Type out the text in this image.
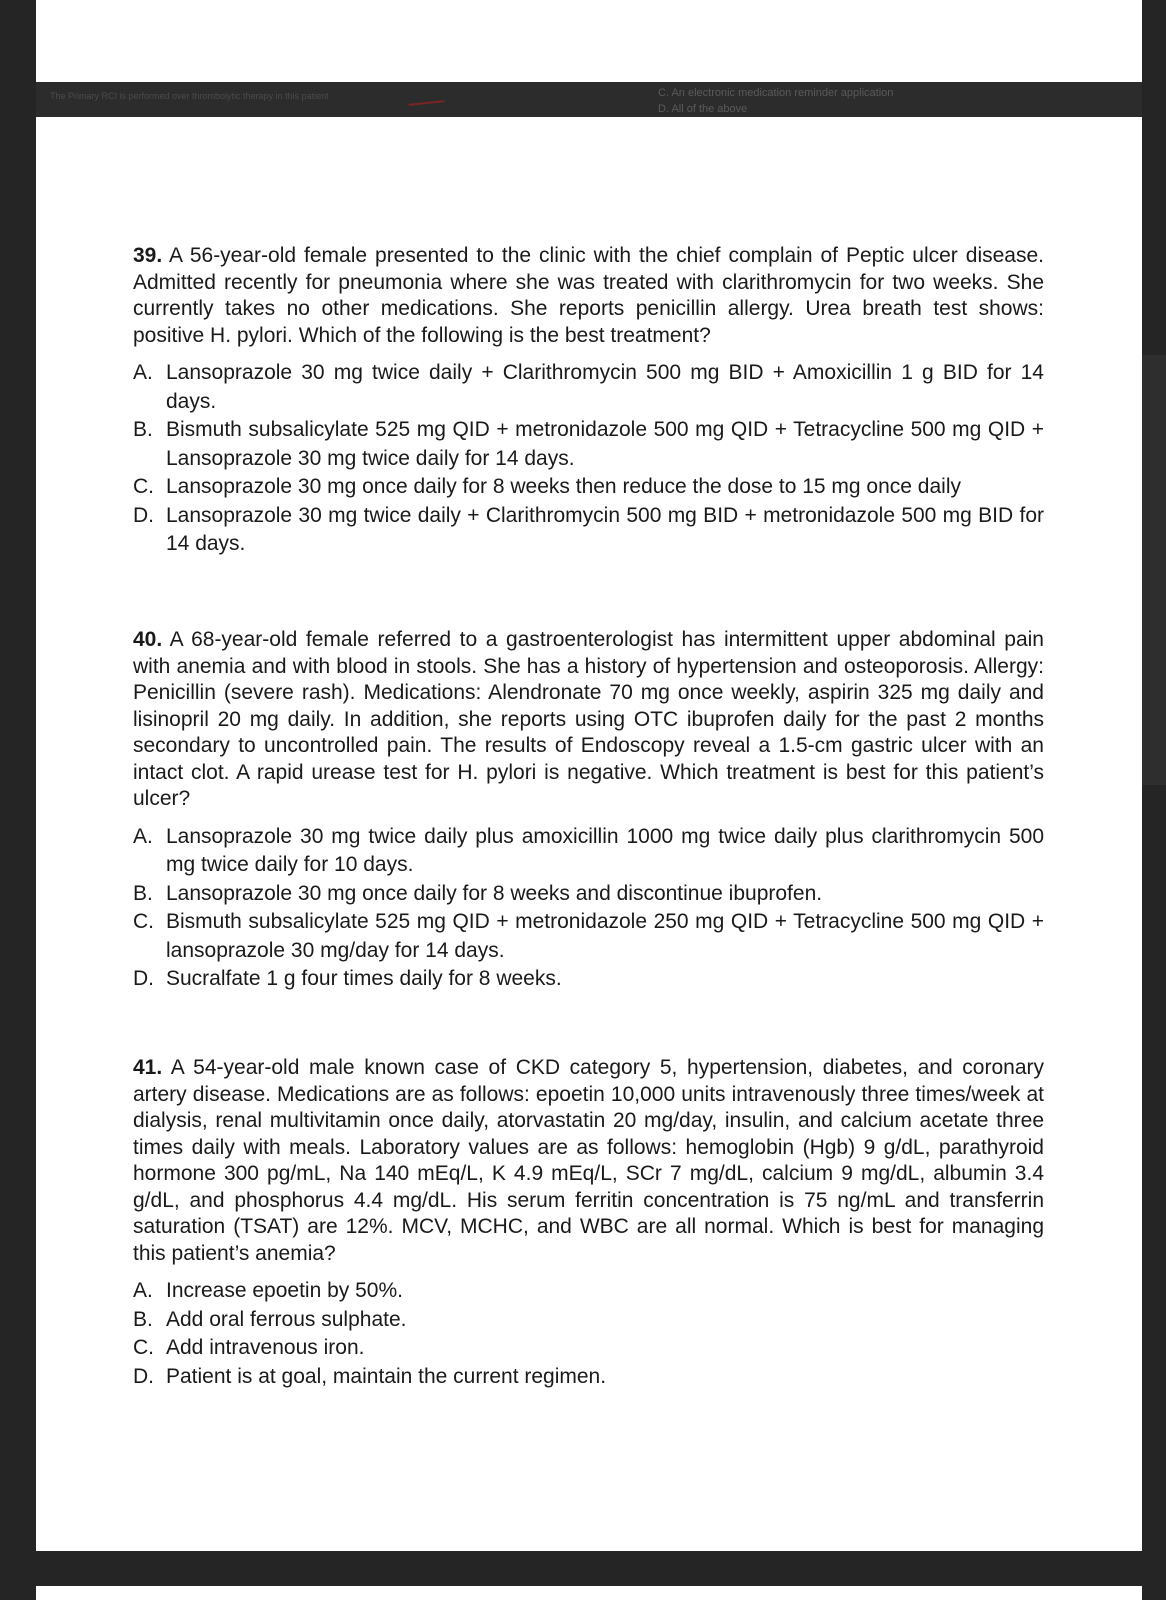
The Primary RCI is performed over thrombolytic therapy in this patient	C. An electronic medication reminder application
D. All of the above

39. A 56-year-old female presented to the clinic with the chief complain of Peptic ulcer disease. Admitted recently for pneumonia where she was treated with clarithromycin for two weeks. She currently takes no other medications. She reports penicillin allergy. Urea breath test shows: positive H. pylori. Which of the following is the best treatment?

A. Lansoprazole 30 mg twice daily + Clarithromycin 500 mg BID + Amoxicillin 1 g BID for 14 days.
B. Bismuth subsalicylate 525 mg QID + metronidazole 500 mg QID + Tetracycline 500 mg QID + Lansoprazole 30 mg twice daily for 14 days.
C. Lansoprazole 30 mg once daily for 8 weeks then reduce the dose to 15 mg once daily
D. Lansoprazole 30 mg twice daily + Clarithromycin 500 mg BID + metronidazole 500 mg BID for 14 days.

40. A 68-year-old female referred to a gastroenterologist has intermittent upper abdominal pain with anemia and with blood in stools. She has a history of hypertension and osteoporosis. Allergy: Penicillin (severe rash). Medications: Alendronate 70 mg once weekly, aspirin 325 mg daily and lisinopril 20 mg daily. In addition, she reports using OTC ibuprofen daily for the past 2 months secondary to uncontrolled pain. The results of Endoscopy reveal a 1.5-cm gastric ulcer with an intact clot. A rapid urease test for H. pylori is negative. Which treatment is best for this patient’s ulcer?

A. Lansoprazole 30 mg twice daily plus amoxicillin 1000 mg twice daily plus clarithromycin 500 mg twice daily for 10 days.
B. Lansoprazole 30 mg once daily for 8 weeks and discontinue ibuprofen.
C. Bismuth subsalicylate 525 mg QID + metronidazole 250 mg QID + Tetracycline 500 mg QID + lansoprazole 30 mg/day for 14 days.
D. Sucralfate 1 g four times daily for 8 weeks.

41. A 54-year-old male known case of CKD category 5, hypertension, diabetes, and coronary artery disease. Medications are as follows: epoetin 10,000 units intravenously three times/week at dialysis, renal multivitamin once daily, atorvastatin 20 mg/day, insulin, and calcium acetate three times daily with meals. Laboratory values are as follows: hemoglobin (Hgb) 9 g/dL, parathyroid hormone 300 pg/mL, Na 140 mEq/L, K 4.9 mEq/L, SCr 7 mg/dL, calcium 9 mg/dL, albumin 3.4 g/dL, and phosphorus 4.4 mg/dL. His serum ferritin concentration is 75 ng/mL and transferrin saturation (TSAT) are 12%. MCV, MCHC, and WBC are all normal. Which is best for managing this patient’s anemia?

A. Increase epoetin by 50%.
B. Add oral ferrous sulphate.
C. Add intravenous iron.
D. Patient is at goal, maintain the current regimen.
